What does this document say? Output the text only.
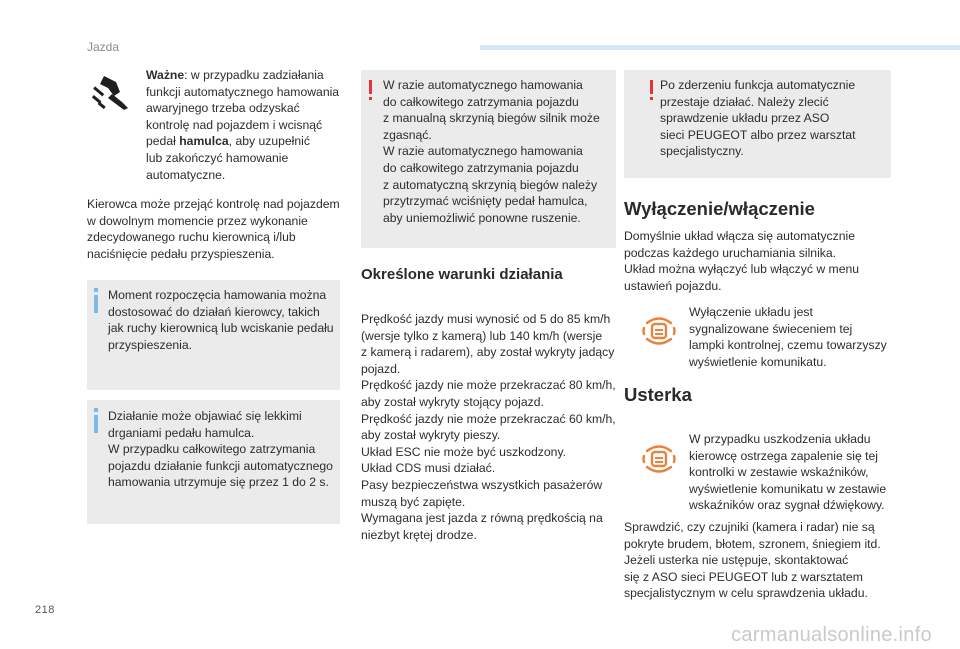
Jazda
Ważne: w przypadku zadziałania
funkcji automatycznego hamowania
awaryjnego trzeba odzyskać
kontrolę nad pojazdem i wcisnąć
pedał hamulca, aby uzupełnić
lub zakończyć hamowanie
automatyczne.
Kierowca może przejąć kontrolę nad pojazdem
w dowolnym momencie przez wykonanie
zdecydowanego ruchu kierownicą i/lub
naciśnięcie pedału przyspieszenia.
Moment rozpoczęcia hamowania można
dostosować do działań kierowcy, takich
jak ruchy kierownicą lub wciskanie pedału
przyspieszenia.
Działanie może objawiać się lekkimi
drganiami pedału hamulca.
W przypadku całkowitego zatrzymania
pojazdu działanie funkcji automatycznego
hamowania utrzymuje się przez 1 do 2 s.
W razie automatycznego hamowania
do całkowitego zatrzymania pojazdu
z manualną skrzynią biegów silnik może
zgasnąć.
W razie automatycznego hamowania
do całkowitego zatrzymania pojazdu
z automatyczną skrzynią biegów należy
przytrzymać wciśnięty pedał hamulca,
aby uniemożliwić ponowne ruszenie.
Określone warunki działania
Prędkość jazdy musi wynosić od 5 do 85 km/h
(wersje tylko z kamerą) lub 140 km/h (wersje
z kamerą i radarem), aby został wykryty jadący
pojazd.
Prędkość jazdy nie może przekraczać 80 km/h,
aby został wykryty stojący pojazd.
Prędkość jazdy nie może przekraczać 60 km/h,
aby został wykryty pieszy.
Układ ESC nie może być uszkodzony.
Układ CDS musi działać.
Pasy bezpieczeństwa wszystkich pasażerów
muszą być zapięte.
Wymagana jest jazda z równą prędkością na
niezbyt krętej drodze.
Po zderzeniu funkcja automatycznie
przestaje działać. Należy zlecić
sprawdzenie układu przez ASO
sieci PEUGEOT albo przez warsztat
specjalistyczny.
Wyłączenie/włączenie
Domyślnie układ włącza się automatycznie
podczas każdego uruchamiania silnika.
Układ można wyłączyć lub włączyć w menu
ustawień pojazdu.
Wyłączenie układu jest
sygnalizowane świeceniem tej
lampki kontrolnej, czemu towarzyszy
wyświetlenie komunikatu.
Usterka
W przypadku uszkodzenia układu
kierowcę ostrzega zapalenie się tej
kontrolki w zestawie wskaźników,
wyświetlenie komunikatu w zestawie
wskaźników oraz sygnał dźwiękowy.
Sprawdzić, czy czujniki (kamera i radar) nie są
pokryte brudem, błotem, szronem, śniegiem itd.
Jeżeli usterka nie ustępuje, skontaktować
się z ASO sieci PEUGEOT lub z warsztatem
specjalistycznym w celu sprawdzenia układu.
218
carmanualsonline.info
